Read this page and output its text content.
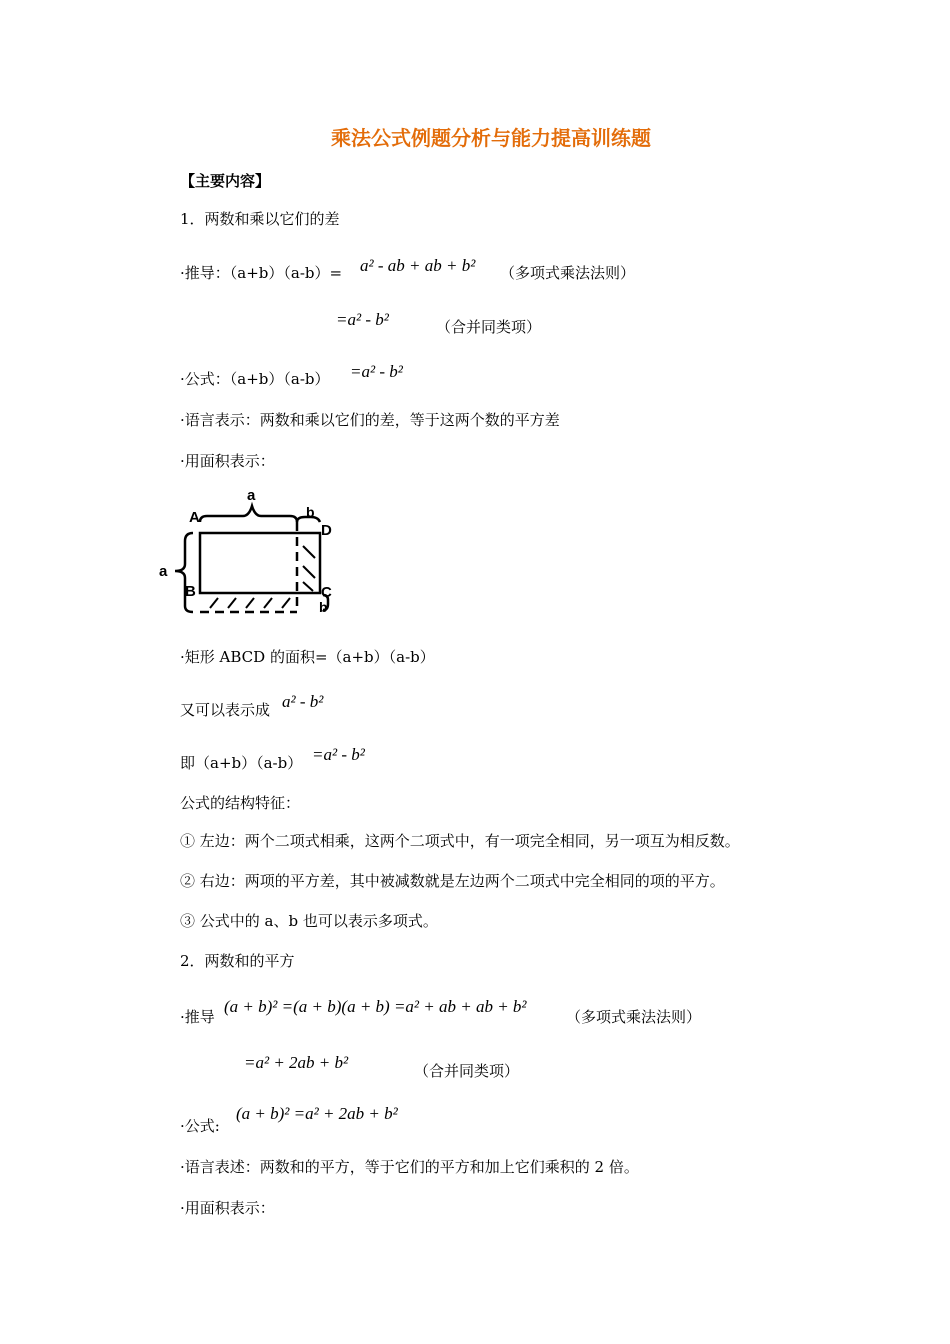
乘法公式例题分析与能力提高训练题
【主要内容】
1．两数和乘以它们的差
·推导：（a+b）（a-b）= a² - ab + ab + b² （多项式乘法法则）
=a² - b²	（合并同类项）
·公式：（a+b）（a-b） =a² - b²
·语言表示：两数和乘以它们的差，等于这两个数的平方差
·用面积表示：
a
b
a
b
A
B	C
D
·矩形 ABCD 的面积=（a+b）（a-b）
又可以表示成 a² - b²
即（a+b）（a-b） =a² - b²
公式的结构特征：
① 左边：两个二项式相乘，这两个二项式中，有一项完全相同，另一项互为相反数。
② 右边：两项的平方差，其中被减数就是左边两个二项式中完全相同的项的平方。
③ 公式中的 a、b 也可以表示多项式。
2．两数和的平方
·推导
(a + b)² =(a + b)(a + b) =a² + ab + ab + b²
（多项式乘法法则）
=a² + 2ab + b²	（合并同类项）
·公式:
(a + b)² =a² + 2ab + b²
·语言表述：两数和的平方，等于它们的平方和加上它们乘积的 2 倍。
·用面积表示：
